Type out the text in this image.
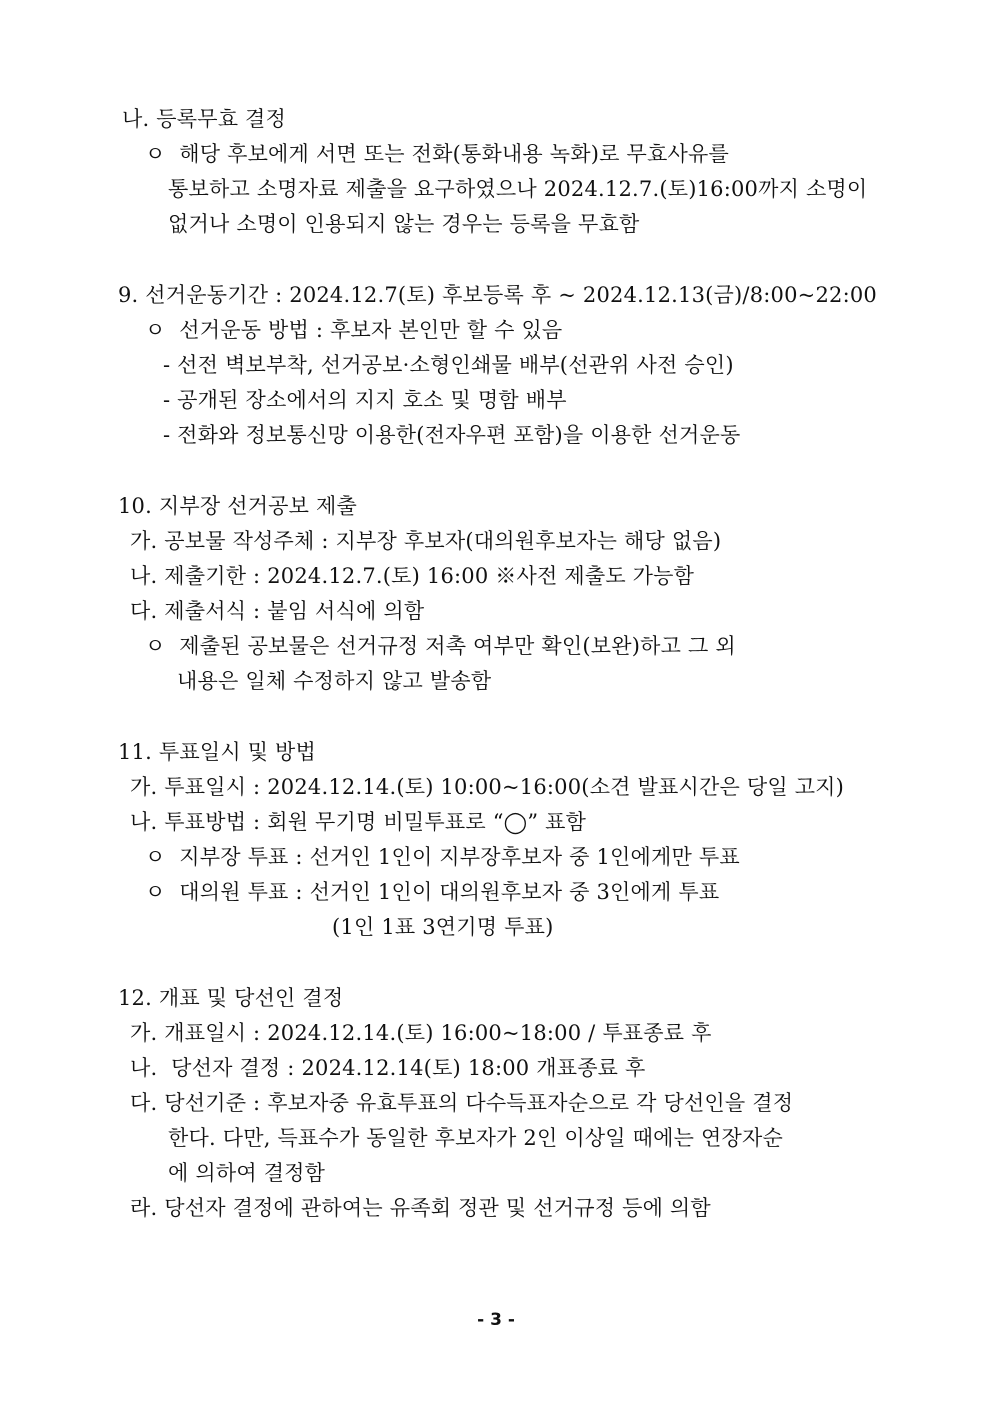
나. 등록무효 결정
ㅇ  해당 후보에게 서면 또는 전화(통화내용 녹화)로 무효사유를
통보하고 소명자료 제출을 요구하였으나 2024.12.7.(토)16:00까지 소명이
없거나 소명이 인용되지 않는 경우는 등록을 무효함
9. 선거운동기간 : 2024.12.7(토) 후보등록 후 ~ 2024.12.13(금)/8:00~22:00
ㅇ  선거운동 방법 : 후보자 본인만 할 수 있음
- 선전 벽보부착, 선거공보·소형인쇄물 배부(선관위 사전 승인)
- 공개된 장소에서의 지지 호소 및 명함 배부
- 전화와 정보통신망 이용한(전자우편 포함)을 이용한 선거운동
10. 지부장 선거공보 제출
가. 공보물 작성주체 : 지부장 후보자(대의원후보자는 해당 없음)
나. 제출기한 : 2024.12.7.(토) 16:00 ※사전 제출도 가능함
다. 제출서식 : 붙임 서식에 의함
ㅇ  제출된 공보물은 선거규정 저촉 여부만 확인(보완)하고 그 외
내용은 일체 수정하지 않고 발송함
11. 투표일시 및 방법
가. 투표일시 : 2024.12.14.(토) 10:00~16:00(소견 발표시간은 당일 고지)
나. 투표방법 : 회원 무기명 비밀투표로 “◯” 표함
ㅇ  지부장 투표 : 선거인 1인이 지부장후보자 중 1인에게만 투표
ㅇ  대의원 투표 : 선거인 1인이 대의원후보자 중 3인에게 투표
(1인 1표 3연기명 투표)
12. 개표 및 당선인 결정
가. 개표일시 : 2024.12.14.(토) 16:00~18:00 / 투표종료 후
나.  당선자 결정 : 2024.12.14(토) 18:00 개표종료 후
다. 당선기준 : 후보자중 유효투표의 다수득표자순으로 각 당선인을 결정
한다. 다만, 득표수가 동일한 후보자가 2인 이상일 때에는 연장자순
에 의하여 결정함
라. 당선자 결정에 관하여는 유족회 정관 및 선거규정 등에 의함
- 3 -
